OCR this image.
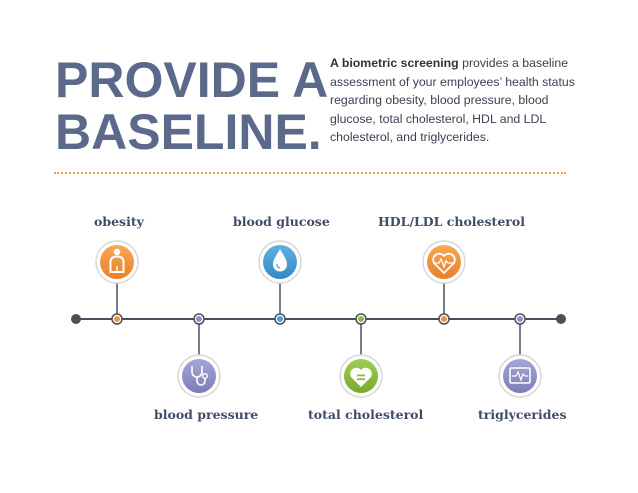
PROVIDE A
BASELINE.

A biometric screening provides a baseline assessment of your employees’ health status regarding obesity, blood pressure, blood glucose, total cholesterol, HDL and LDL cholesterol, and triglycerides.

obesity	blood glucose	HDL/LDL cholesterol
blood pressure	total cholesterol	triglycerides
